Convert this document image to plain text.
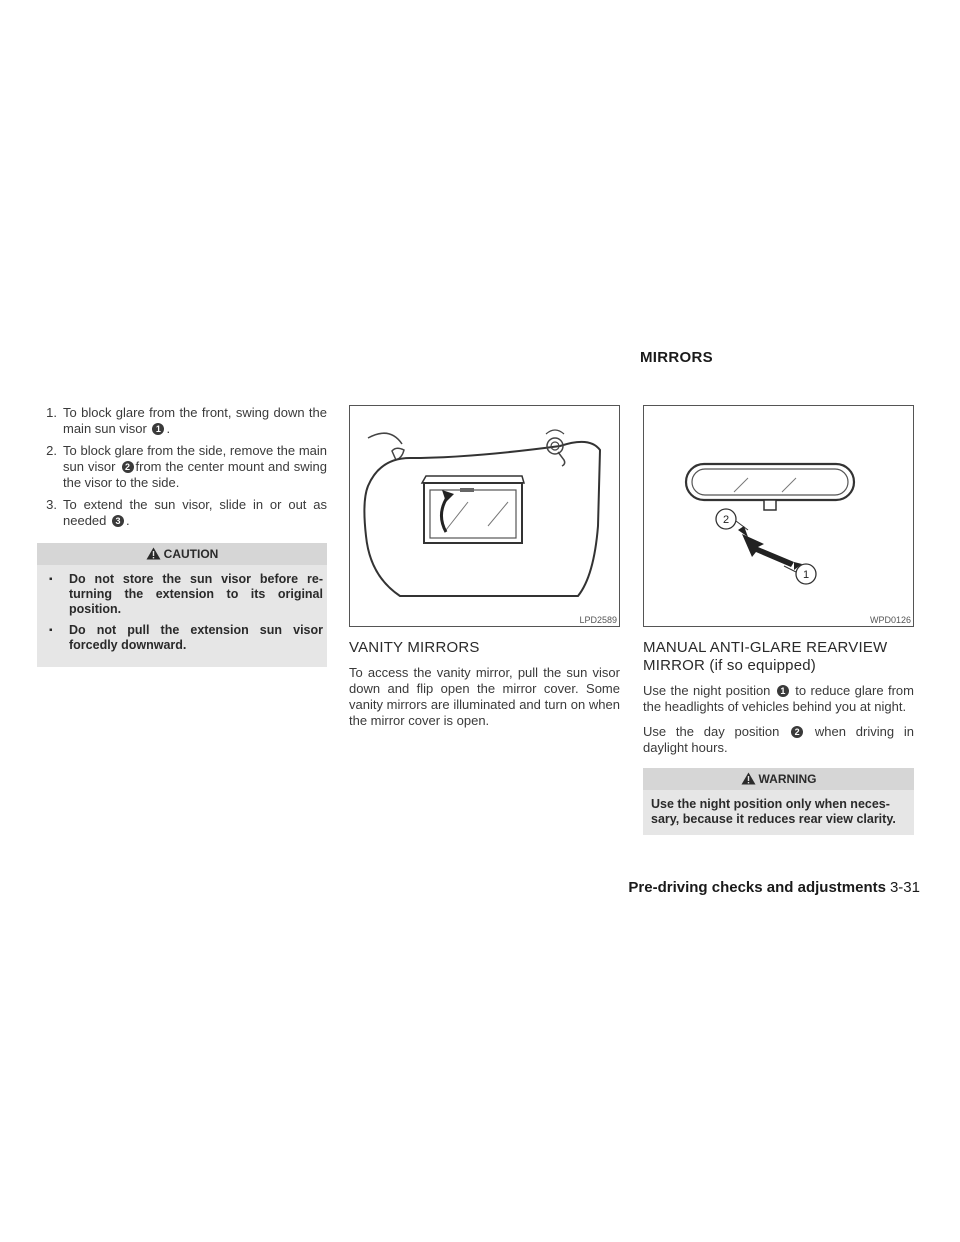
MIRRORS
1. To block glare from the front, swing down the main sun visor 1 .
2. To block glare from the side, remove the main sun visor 2 from the center mount and swing the visor to the side.
3. To extend the sun visor, slide in or out as needed 3 .
CAUTION
▪ Do not store the sun visor before re- turning the extension to its original position.
▪ Do not pull the extension sun visor forcedly downward.
LPD2589
VANITY MIRRORS

To access the vanity mirror, pull the sun visor down and flip open the mirror cover. Some vanity mirrors are illuminated and turn on when the mirror cover is open.

2
1
WPD0126
MANUAL ANTI-GLARE REARVIEW
MIRROR (if so equipped)

Use the night position 1 to reduce glare from the headlights of vehicles behind you at night.

Use the day position 2 when driving in daylight hours.

WARNING
Use the night position only when neces- sary, because it reduces rear view clarity.
Pre-driving checks and adjustments 3-31
